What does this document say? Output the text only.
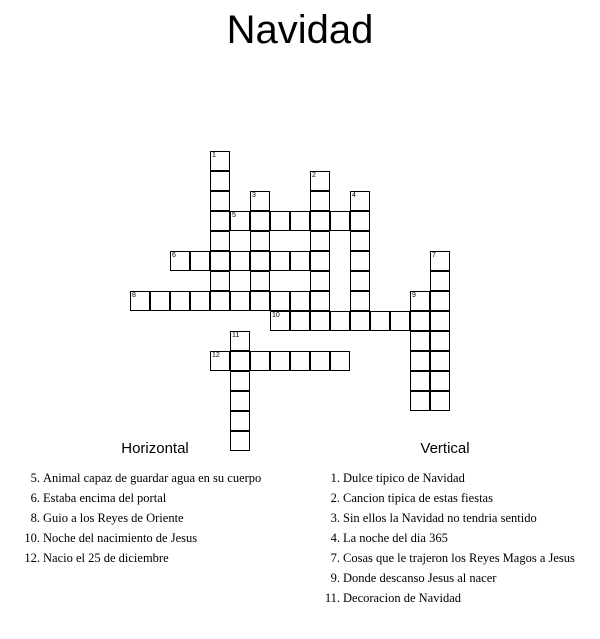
Navidad
1
2
3	4
5
6	7
8	9
10
11
12
Horizontal
5. Animal capaz de guardar agua en su cuerpo
6. Estaba encima del portal
8. Guio a los Reyes de Oriente
10. Noche del nacimiento de Jesus
12. Nacio el 25 de diciembre
Vertical
1. Dulce tipico de Navidad
2. Cancion tipica de estas fiestas
3. Sin ellos la Navidad no tendria sentido
4. La noche del dia 365
7. Cosas que le trajeron los Reyes Magos a Jesus
9. Donde descanso Jesus al nacer
11. Decoracion de Navidad
